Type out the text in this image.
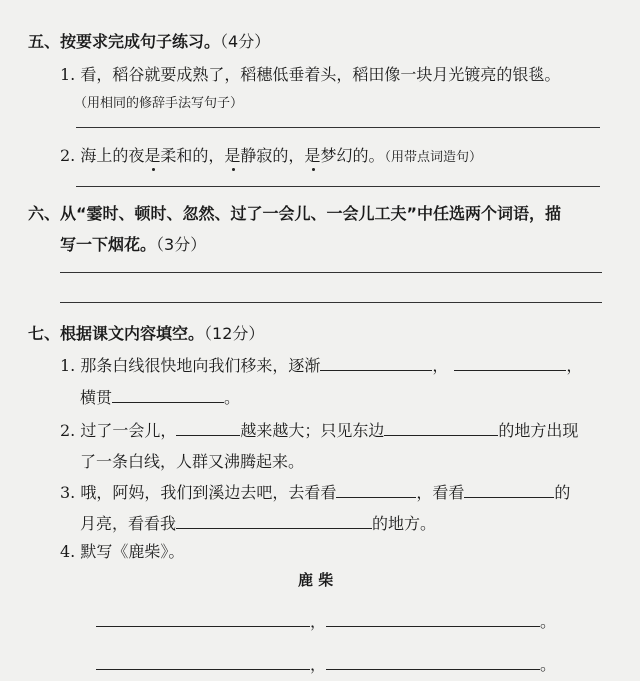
五、按要求完成句子练习。（4分）
1. 看，稻谷就要成熟了，稻穗低垂着头，稻田像一块月光镀亮的银毯。
（用相同的修辞手法写句子）
2. 海上的夜是柔和的，是静寂的，是梦幻的。（用带点词造句）
六、从“霎时、顿时、忽然、过了一会儿、一会儿工夫”中任选两个词语，描
写一下烟花。（3分）
七、根据课文内容填空。（12分）
1. 那条白线很快地向我们移来，逐渐	，	，
横贯	。
2. 过了一会儿，	越来越大；只见东边	的地方出现
了一条白线，人群又沸腾起来。
3. 哦，阿妈，我们到溪边去吧，去看看	，看看	的
月亮，看看我	的地方。
4. 默写《鹿柴》。
鹿 柴
，	。
，	。
